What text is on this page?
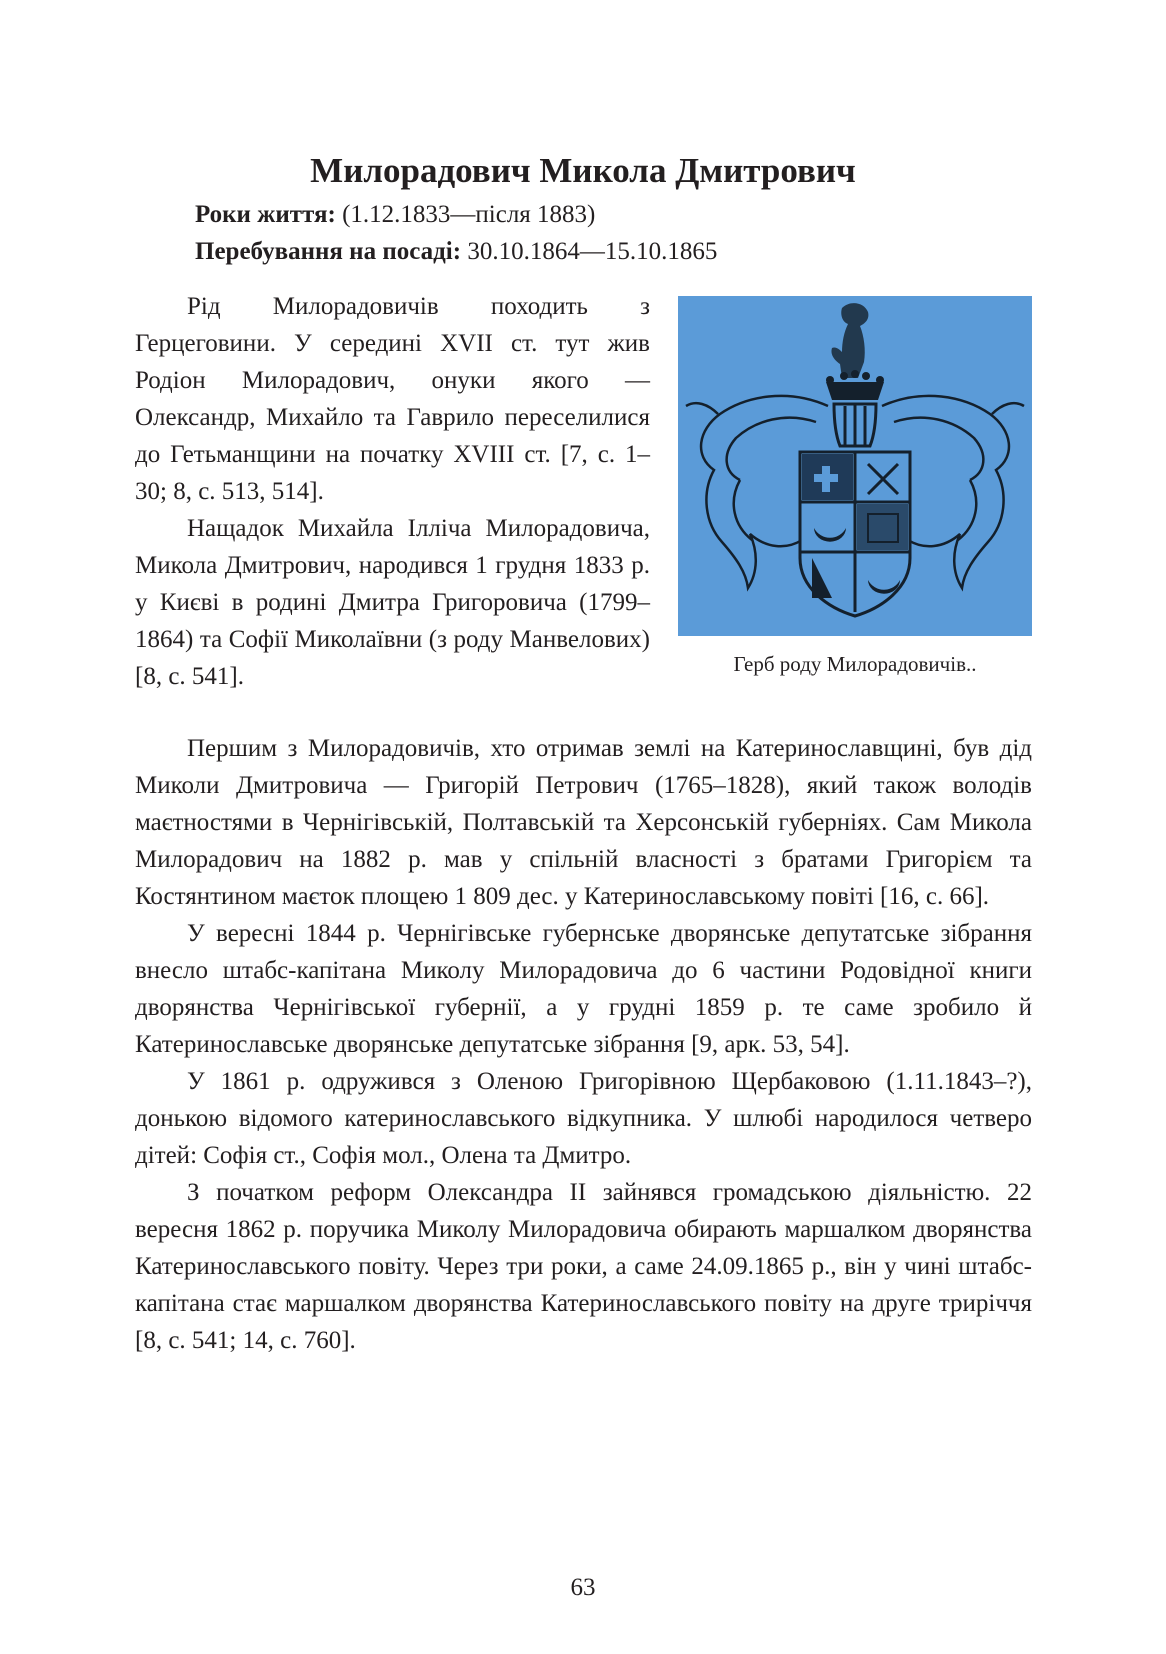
Милорадович Микола Дмитрович
Роки життя: (1.12.1833—після 1883)
Перебування на посаді: 30.10.1864—15.10.1865

Рід Милорадовичів походить з Герцеговини. У середині XVII ст. тут жив Родіон Милорадович, онуки якого — Олександр, Михайло та Гаврило переселилися до Гетьманщини на початку XVIII ст. [7, с. 1–30; 8, с. 513, 514].

Нащадок Михайла Ілліча Милорадовича, Микола Дмитрович, народився 1 грудня 1833 р. у Києві в родині Дмитра Григоровича (1799–1864) та Софії Миколаївни (з роду Манвелових) [8, с. 541].	Герб роду Милорадовичів..

Першим з Милорадовичів, хто отримав землі на Катеринославщині, був дід Миколи Дмитровича — Григорій Петрович (1765–1828), який також володів маєтностями в Чернігівській, Полтавській та Херсонській губерніях. Сам Микола Милорадович на 1882 р. мав у спільній власності з братами Григорієм та Костянтином маєток площею 1 809 дес. у Катеринославському повіті [16, с. 66].

У вересні 1844 р. Чернігівське губернське дворянське депутатське зібрання внесло штабс-капітана Миколу Милорадовича до 6 частини Родовідної книги дворянства Чернігівської губернії, а у грудні 1859 р. те саме зробило й Катеринославське дворянське депутатське зібрання [9, арк. 53, 54].

У 1861 р. одружився з Оленою Григорівною Щербаковою (1.11.1843–?), донькою відомого катеринославського відкупника. У шлюбі народилося четверо дітей: Софія ст., Софія мол., Олена та Дмитро.

З початком реформ Олександра ІІ зайнявся громадською діяльністю. 22 вересня 1862 р. поручика Миколу Милорадовича обирають маршалком дворянства Катеринославського повіту. Через три роки, а саме 24.09.1865 р., він у чині штабс-капітана стає маршалком дворянства Катеринославського повіту на друге триріччя [8, с. 541; 14, с. 760].

63
